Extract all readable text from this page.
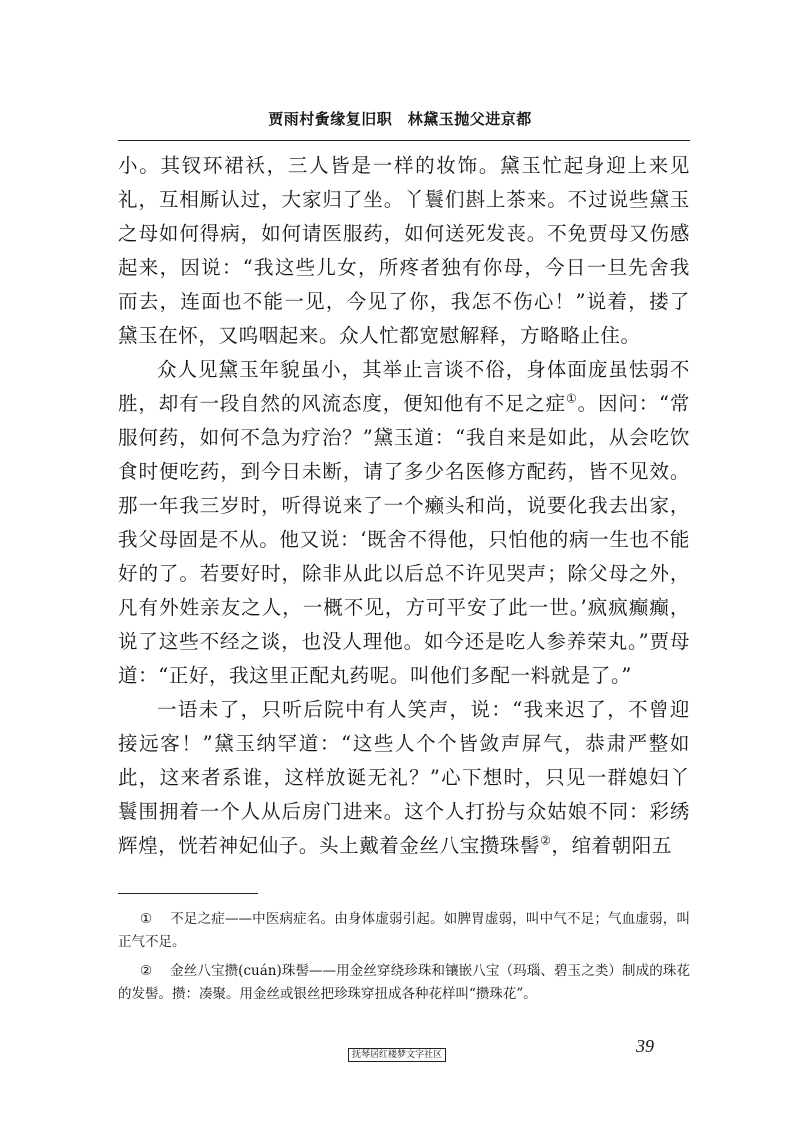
贾雨村夤缘复旧职　林黛玉抛父进京都

小。其钗环裙袄，三人皆是一样的妆饰。黛玉忙起身迎上来见礼，互相厮认过，大家归了坐。丫鬟们斟上茶来。不过说些黛玉之母如何得病，如何请医服药，如何送死发丧。不免贾母又伤感起来，因说：“我这些儿女，所疼者独有你母，今日一旦先舍我而去，连面也不能一见，今见了你，我怎不伤心！”说着，搂了黛玉在怀，又呜咽起来。众人忙都宽慰解释，方略略止住。

众人见黛玉年貌虽小，其举止言谈不俗，身体面庞虽怯弱不胜，却有一段自然的风流态度，便知他有不足之症①。因问：“常服何药，如何不急为疗治？”黛玉道：“我自来是如此，从会吃饮食时便吃药，到今日未断，请了多少名医修方配药，皆不见效。那一年我三岁时，听得说来了一个癞头和尚，说要化我去出家，我父母固是不从。他又说：‘既舍不得他，只怕他的病一生也不能好的了。若要好时，除非从此以后总不许见哭声；除父母之外，凡有外姓亲友之人，一概不见，方可平安了此一世。’疯疯癫癫，说了这些不经之谈，也没人理他。如今还是吃人参养荣丸。”贾母道：“正好，我这里正配丸药呢。叫他们多配一料就是了。”

一语未了，只听后院中有人笑声，说：“我来迟了，不曾迎接远客！”黛玉纳罕道：“这些人个个皆敛声屏气，恭肃严整如此，这来者系谁，这样放诞无礼？”心下想时，只见一群媳妇丫鬟围拥着一个人从后房门进来。这个人打扮与众姑娘不同：彩绣辉煌，恍若神妃仙子。头上戴着金丝八宝攒珠髻②，绾着朝阳五

① 不足之症——中医病症名。由身体虚弱引起。如脾胃虚弱，叫中气不足；气血虚弱，叫正气不足。

② 金丝八宝攒(cuán)珠髻——用金丝穿绕珍珠和镶嵌八宝（玛瑙、碧玉之类）制成的珠花的发髻。攒：凑聚。用金丝或银丝把珍珠穿扭成各种花样叫“攒珠花”。

抚琴居红楼梦文字社区	39
